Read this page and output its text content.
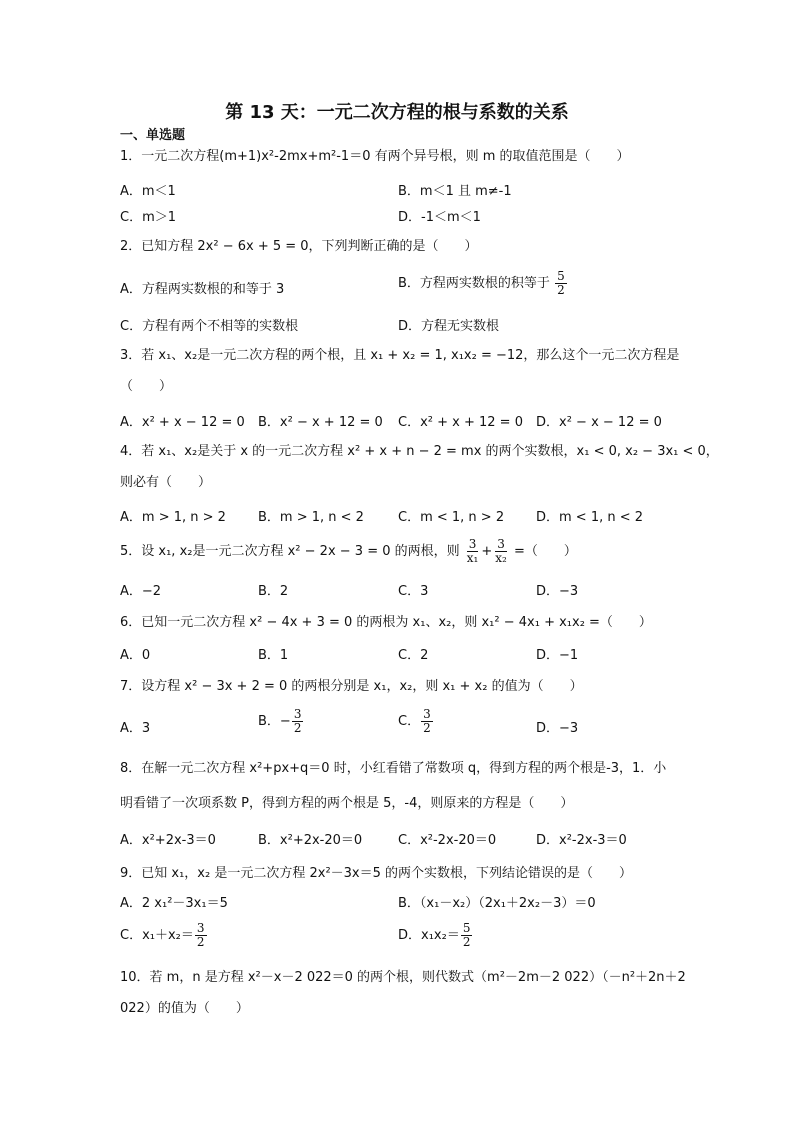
第 13 天：一元二次方程的根与系数的关系
一、单选题
1．一元二次方程(m+1)x²-2mx+m²-1＝0 有两个异号根，则 m 的取值范围是（　　）
A．m＜1	B．m＜1 且 m≠-1
C．m＞1	D．-1＜m＜1
2．已知方程 2x² − 6x + 5 = 0，下列判断正确的是（　　）
A．方程两实数根的和等于 3	B．方程两实数根的积等于 $\frac{5}{2}$
C．方程有两个不相等的实数根	D．方程无实数根
3．若 x₁、x₂是一元二次方程的两个根，且 x₁ + x₂ = 1, x₁x₂ = −12，那么这个一元二次方程是
（　　）
A．x² + x − 12 = 0 B．x² − x + 12 = 0 C．x² + x + 12 = 0 D．x² − x − 12 = 0
4．若 x₁、x₂是关于 x 的一元二次方程 x² + x + n − 2 = mx 的两个实数根，x₁ < 0, x₂ − 3x₁ < 0，
则必有（　　）
A．m > 1, n > 2 B．m > 1, n < 2	C．m < 1, n > 2 D．m < 1, n < 2
5．设 x₁, x₂是一元二次方程 x² − 2x − 3 = 0 的两根，则 $\frac{3}{\text{x₁}} + \frac{3}{\text{x₂}}$ =（　　）
A．−2	B．2	C．3	D．−3
6．已知一元二次方程 x² − 4x + 3 = 0 的两根为 x₁、x₂，则 x₁² − 4x₁ + x₁x₂ =（　　）
A．0	B．1	C．2	D．−1
7．设方程 x² − 3x + 2 = 0 的两根分别是 x₁，x₂，则 x₁ + x₂ 的值为（　　）
A．3	B．− $\frac{3}{2}$	C． $\frac{3}{2}$	D．−3
8．在解一元二次方程 x²+px+q＝0 时，小红看错了常数项 q，得到方程的两个根是-3，1．小
明看错了一次项系数 P，得到方程的两个根是 5，-4，则原来的方程是（　　）
A．x²+2x-3＝0	B．x²+2x-20＝0	C．x²-2x-20＝0	D．x²-2x-3＝0
9．已知 x₁，x₂ 是一元二次方程 2x²－3x＝5 的两个实数根，下列结论错误的是（　　）
A．2 x₁²－3x₁＝5	B．（x₁－x₂）（2x₁＋2x₂－3）＝0
C．$x_1+x_2= \frac{3}{2}$	D．$x_1x_2= \frac{5}{2}$
10．若 m，n 是方程 x²－x－2 022＝0 的两个根，则代数式（m²－2m－2 022）（－n²＋2n＋2
022）的值为（　　）
